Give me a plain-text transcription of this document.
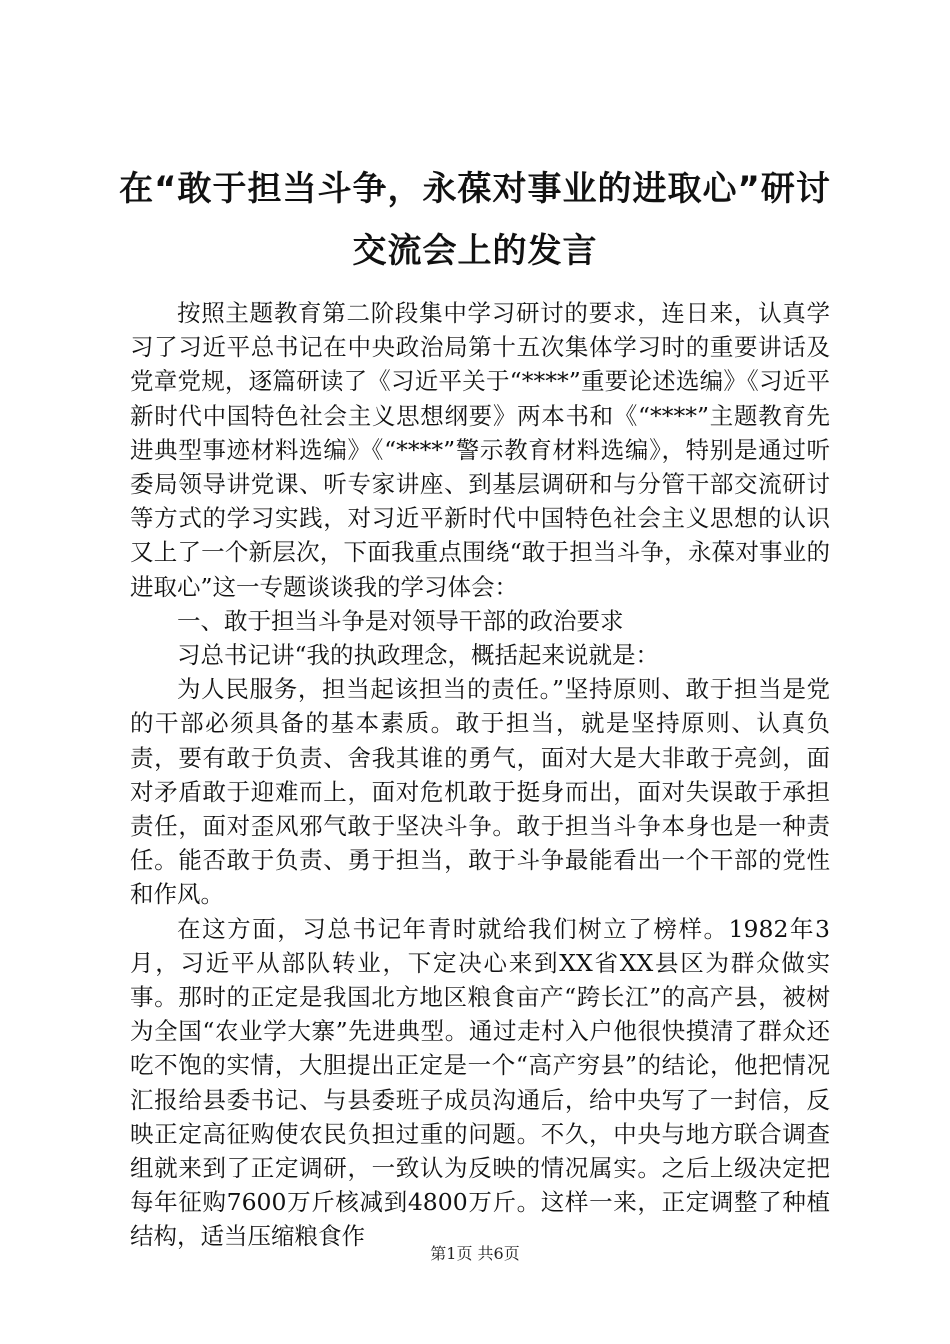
在“敢于担当斗争，永葆对事业的进取心”研讨交流会上的发言

按照主题教育第二阶段集中学习研讨的要求，连日来，认真学习了习近平总书记在中央政治局第十五次集体学习时的重要讲话及党章党规，逐篇研读了《习近平关于“****”重要论述选编》《习近平新时代中国特色社会主义思想纲要》两本书和《“****”主题教育先进典型事迹材料选编》《“****”警示教育材料选编》，特别是通过听委局领导讲党课、听专家讲座、到基层调研和与分管干部交流研讨等方式的学习实践，对习近平新时代中国特色社会主义思想的认识又上了一个新层次，下面我重点围绕“敢于担当斗争，永葆对事业的进取心”这一专题谈谈我的学习体会：

一、敢于担当斗争是对领导干部的政治要求

习总书记讲“我的执政理念，概括起来说就是：

为人民服务，担当起该担当的责任。”坚持原则、敢于担当是党的干部必须具备的基本素质。敢于担当，就是坚持原则、认真负责，要有敢于负责、舍我其谁的勇气，面对大是大非敢于亮剑，面对矛盾敢于迎难而上，面对危机敢于挺身而出，面对失误敢于承担责任，面对歪风邪气敢于坚决斗争。敢于担当斗争本身也是一种责任。能否敢于负责、勇于担当，敢于斗争最能看出一个干部的党性和作风。

在这方面，习总书记年青时就给我们树立了榜样。1982年3月，习近平从部队转业，下定决心来到XX省XX县区为群众做实事。那时的正定是我国北方地区粮食亩产“跨长江”的高产县，被树为全国“农业学大寨”先进典型。通过走村入户他很快摸清了群众还吃不饱的实情，大胆提出正定是一个“高产穷县”的结论，他把情况汇报给县委书记、与县委班子成员沟通后，给中央写了一封信，反映正定高征购使农民负担过重的问题。不久，中央与地方联合调查组就来到了正定调研，一致认为反映的情况属实。之后上级决定把每年征购7600万斤核减到4800万斤。这样一来，正定调整了种植结构，适当压缩粮食作

第1页 共6页
